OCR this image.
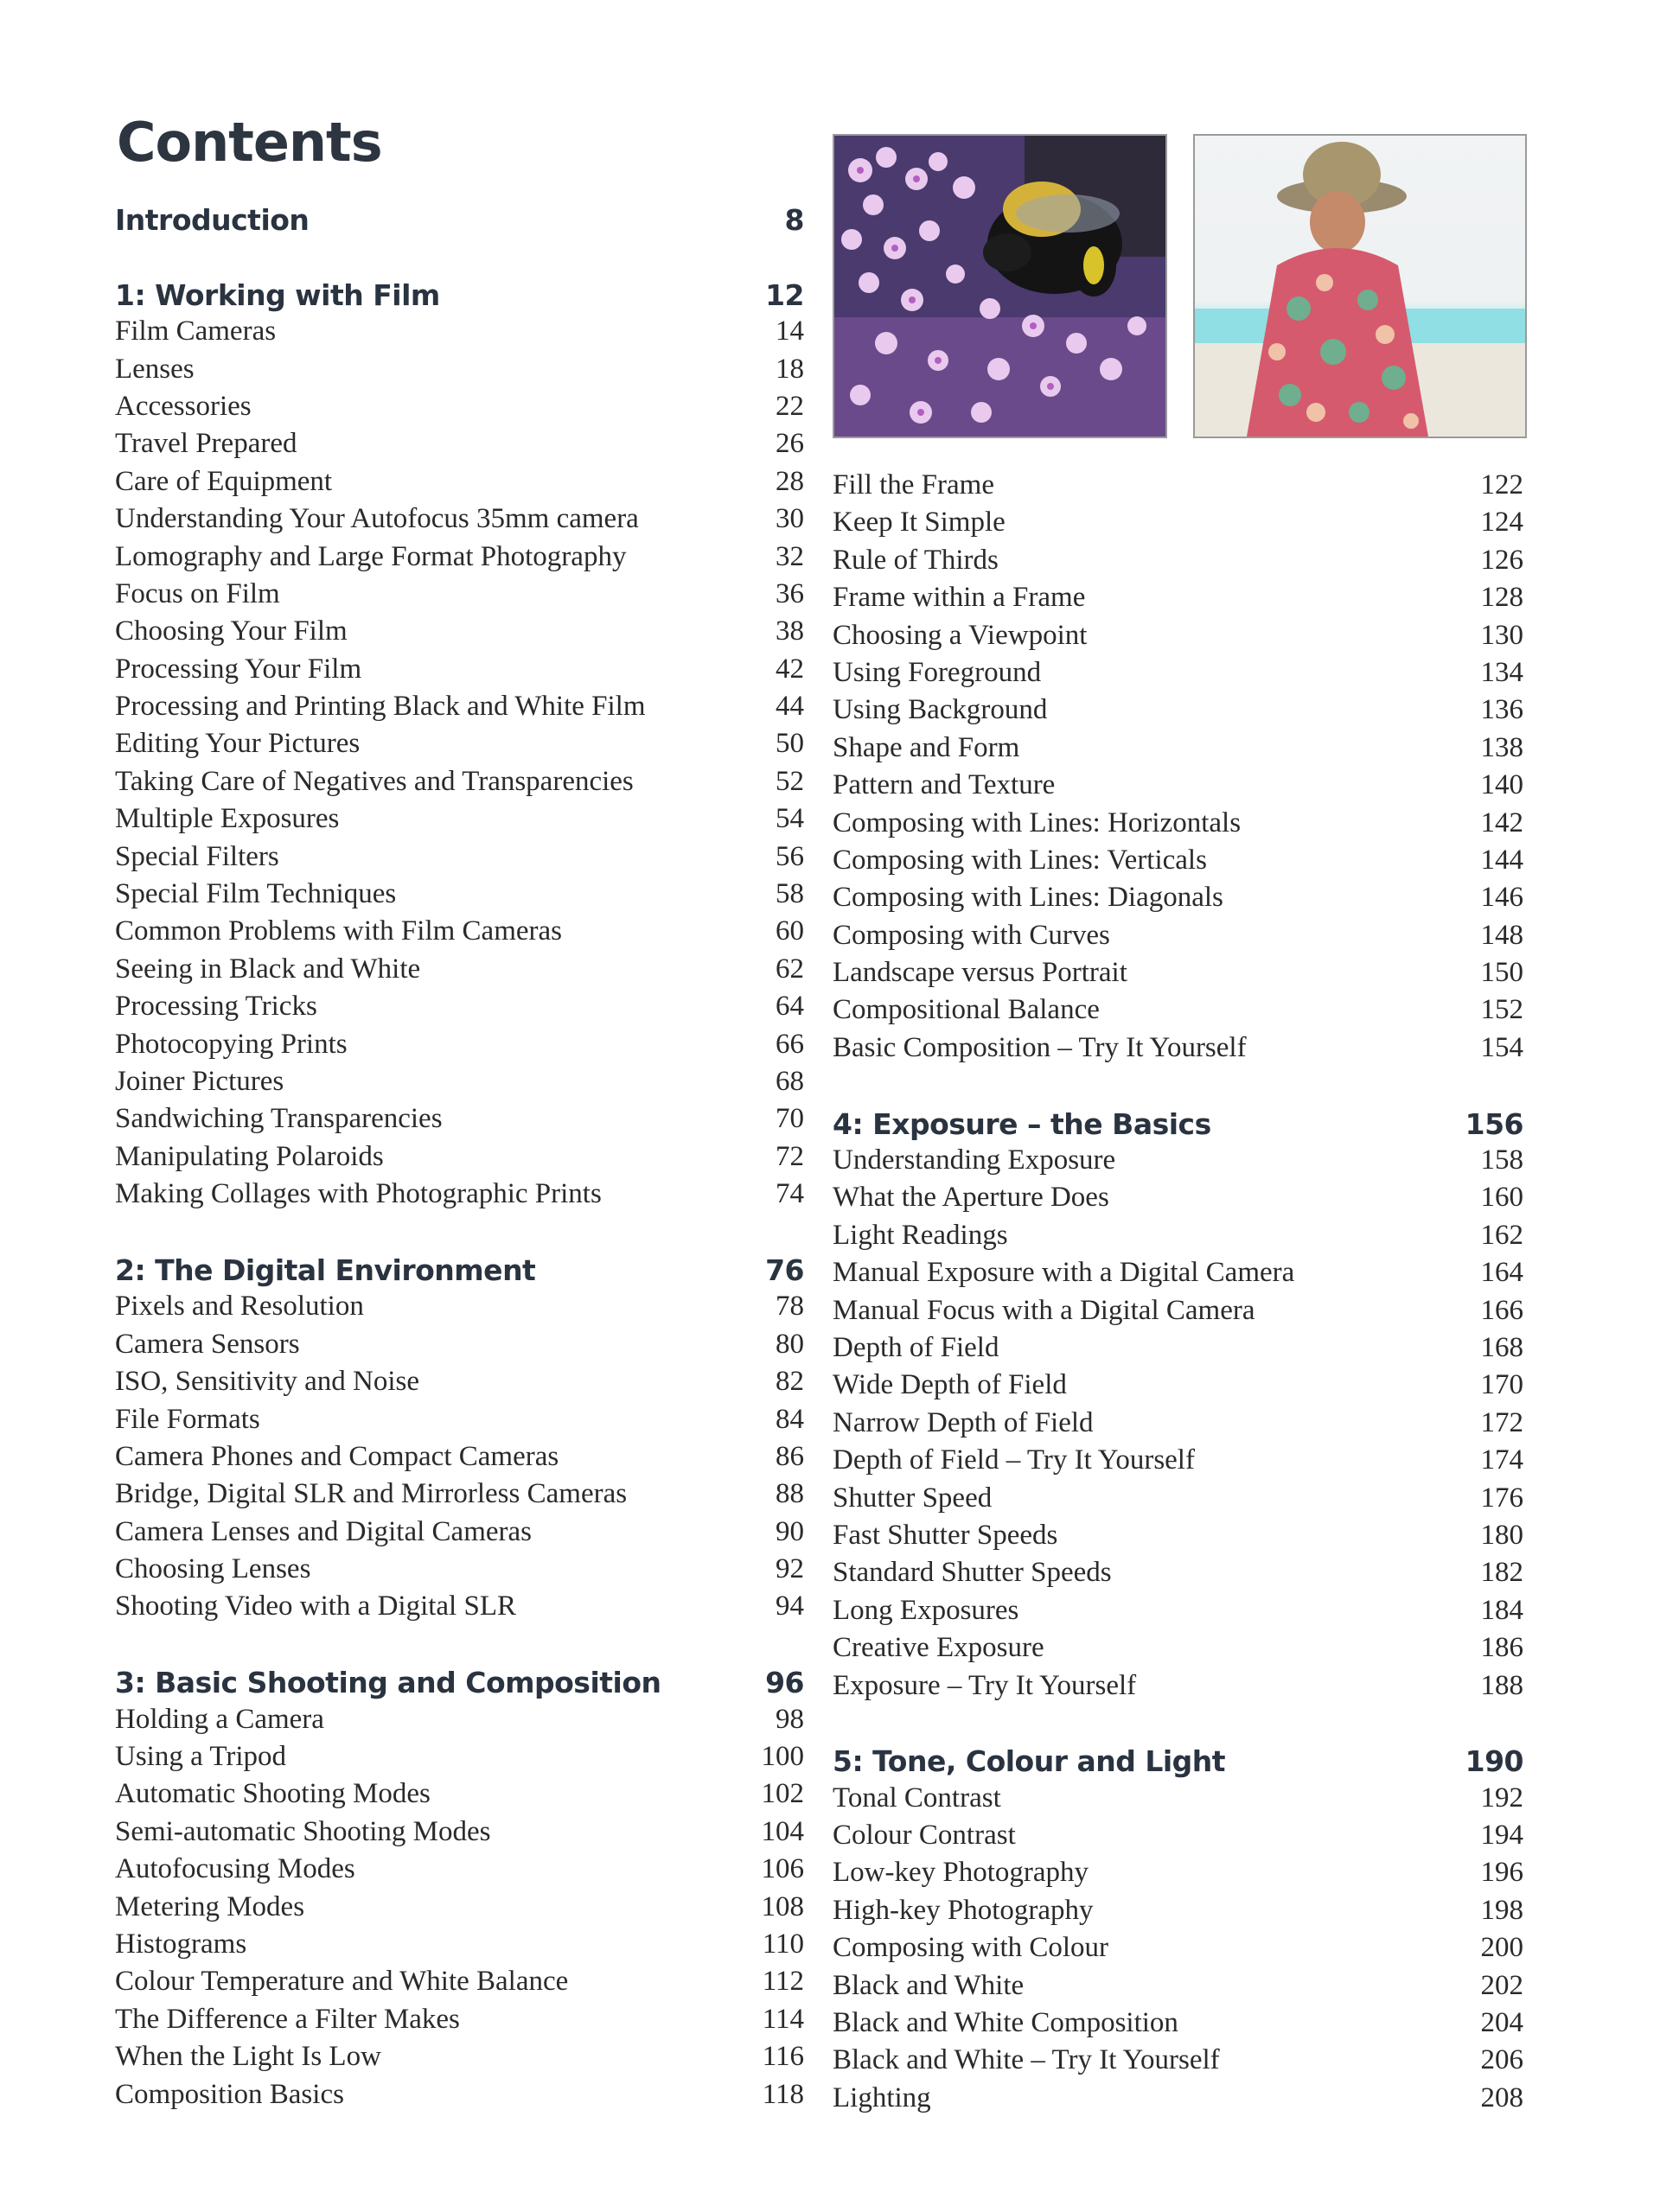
Contents
Introduction	8
1: Working with Film	12
Film Cameras	14
Lenses	18
Accessories	22
Travel Prepared	26
Care of Equipment	28
Understanding Your Autofocus 35mm camera	30
Lomography and Large Format Photography	32
Focus on Film	36
Choosing Your Film	38
Processing Your Film	42
Processing and Printing Black and White Film	44
Editing Your Pictures	50
Taking Care of Negatives and Transparencies	52
Multiple Exposures	54
Special Filters	56
Special Film Techniques	58
Common Problems with Film Cameras	60
Seeing in Black and White	62
Processing Tricks	64
Photocopying Prints	66
Joiner Pictures	68
Sandwiching Transparencies	70
Manipulating Polaroids	72
Making Collages with Photographic Prints	74
2: The Digital Environment	76
Pixels and Resolution	78
Camera Sensors	80
ISO, Sensitivity and Noise	82
File Formats	84
Camera Phones and Compact Cameras	86
Bridge, Digital SLR and Mirrorless Cameras	88
Camera Lenses and Digital Cameras	90
Choosing Lenses	92
Shooting Video with a Digital SLR	94
3: Basic Shooting and Composition	96
Holding a Camera	98
Using a Tripod	100
Automatic Shooting Modes	102
Semi-automatic Shooting Modes	104
Autofocusing Modes	106
Metering Modes	108
Histograms	110
Colour Temperature and White Balance	112
The Difference a Filter Makes	114
When the Light Is Low	116
Composition Basics	118
Fill the Frame	122
Keep It Simple	124
Rule of Thirds	126
Frame within a Frame	128
Choosing a Viewpoint	130
Using Foreground	134
Using Background	136
Shape and Form	138
Pattern and Texture	140
Composing with Lines: Horizontals	142
Composing with Lines: Verticals	144
Composing with Lines: Diagonals	146
Composing with Curves	148
Landscape versus Portrait	150
Compositional Balance	152
Basic Composition – Try It Yourself	154
4: Exposure – the Basics	156
Understanding Exposure	158
What the Aperture Does	160
Light Readings	162
Manual Exposure with a Digital Camera	164
Manual Focus with a Digital Camera	166
Depth of Field	168
Wide Depth of Field	170
Narrow Depth of Field	172
Depth of Field – Try It Yourself	174
Shutter Speed	176
Fast Shutter Speeds	180
Standard Shutter Speeds	182
Long Exposures	184
Creative Exposure	186
Exposure – Try It Yourself	188
5: Tone, Colour and Light	190
Tonal Contrast	192
Colour Contrast	194
Low-key Photography	196
High-key Photography	198
Composing with Colour	200
Black and White	202
Black and White Composition	204
Black and White – Try It Yourself	206
Lighting	208
